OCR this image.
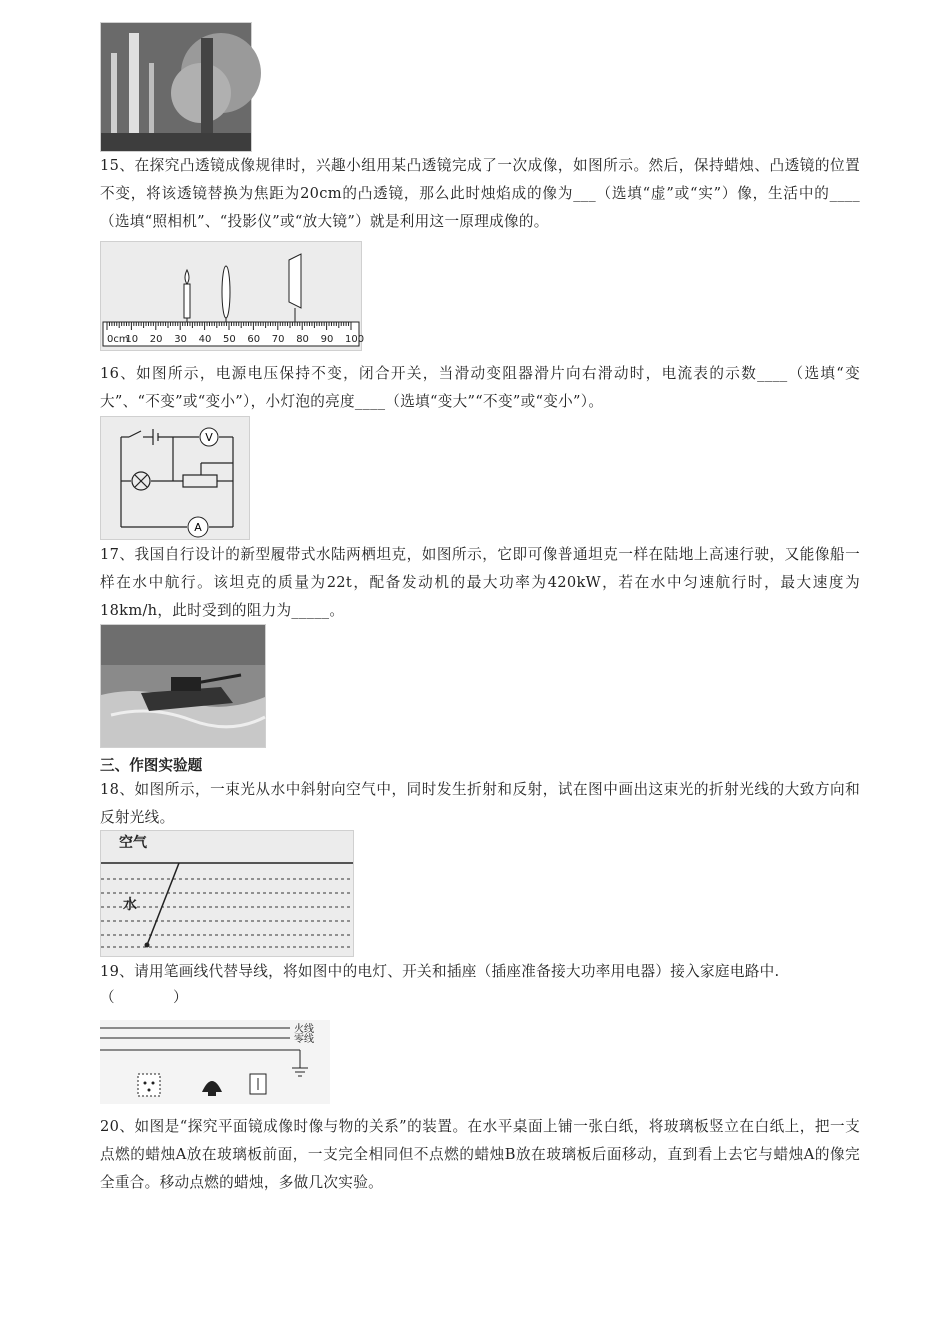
15、在探究凸透镜成像规律时，兴趣小组用某凸透镜完成了一次成像，如图所示。然后，保持蜡烛、凸透镜的位置不变，将该透镜替换为焦距为20cm的凸透镜，那么此时烛焰成的像为___（选填“虚”或“实”）像，生活中的____（选填“照相机”、“投影仪”或“放大镜”）就是利用这一原理成像的。
0cm
10 20 30 40 50 60 70 80 90 100
16、如图所示，电源电压保持不变，闭合开关，当滑动变阻器滑片向右滑动时，电流表的示数____（选填“变大”、“不变”或“变小”），小灯泡的亮度____（选填“变大”“不变”或“变小”）。
V
A
17、我国自行设计的新型履带式水陆两栖坦克，如图所示，它即可像普通坦克一样在陆地上高速行驶，又能像船一样在水中航行。该坦克的质量为22t，配备发动机的最大功率为420kW，若在水中匀速航行时，最大速度为18km/h，此时受到的阻力为_____。
三、作图实验题
18、如图所示，一束光从水中斜射向空气中，同时发生折射和反射，试在图中画出这束光的折射光线的大致方向和反射光线。
空气
水
19、请用笔画线代替导线，将如图中的电灯、开关和插座（插座准备接大功率用电器）接入家庭电路中.
（　　　　）
火线
零线
20、如图是“探究平面镜成像时像与物的关系”的装置。在水平桌面上铺一张白纸，将玻璃板竖立在白纸上，把一支点燃的蜡烛A放在玻璃板前面，一支完全相同但不点燃的蜡烛B放在玻璃板后面移动，直到看上去它与蜡烛A的像完全重合。移动点燃的蜡烛，多做几次实验。
